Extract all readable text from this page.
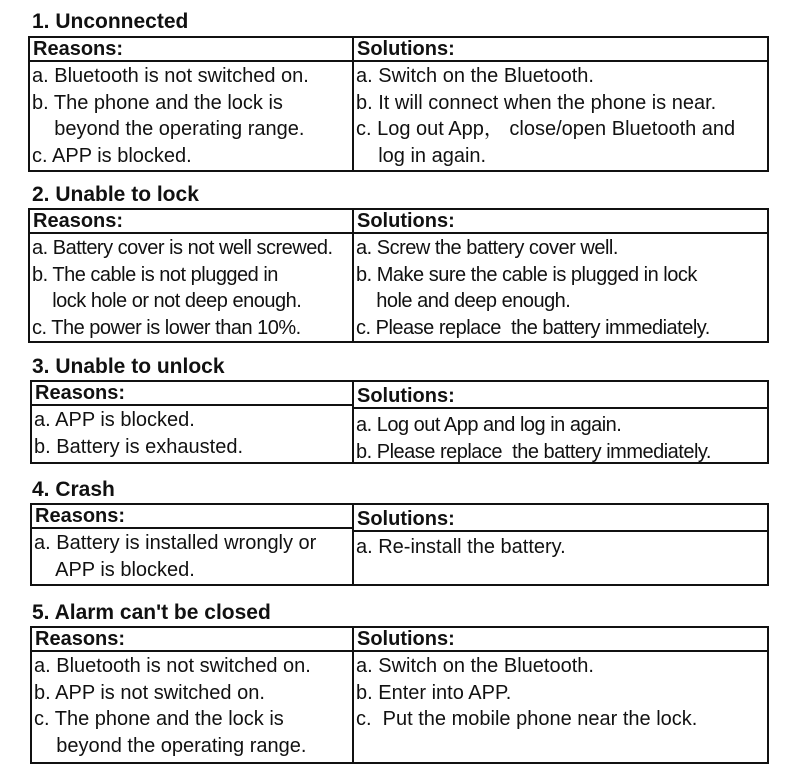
1. Unconnected
Reasons:
a. Bluetooth is not switched on.
b. The phone and the lock is
beyond the operating range.
c. APP is blocked.
Solutions:
a. Switch on the Bluetooth.
b. It will connect when the phone is near.
c. Log out App， close/open Bluetooth and
log in again.
2. Unable to lock
Reasons:
a. Battery cover is not well screwed.
b. The cable is not plugged in
lock hole or not deep enough.
c. The power is lower than 10%.
Solutions:
a. Screw the battery cover well.
b. Make sure the cable is plugged in lock
hole and deep enough.
c. Please replace  the battery immediately.
3. Unable to unlock
Reasons:
a. APP is blocked.
b. Battery is exhausted.
Solutions:
a. Log out App and log in again.
b. Please replace  the battery immediately.
4. Crash
Reasons:
a. Battery is installed wrongly or
APP is blocked.
Solutions:
a. Re-install the battery.
5. Alarm can't be closed
Reasons:
a. Bluetooth is not switched on.
b. APP is not switched on.
c. The phone and the lock is
beyond the operating range.
Solutions:
a. Switch on the Bluetooth.
b. Enter into APP.
c.  Put the mobile phone near the lock.
